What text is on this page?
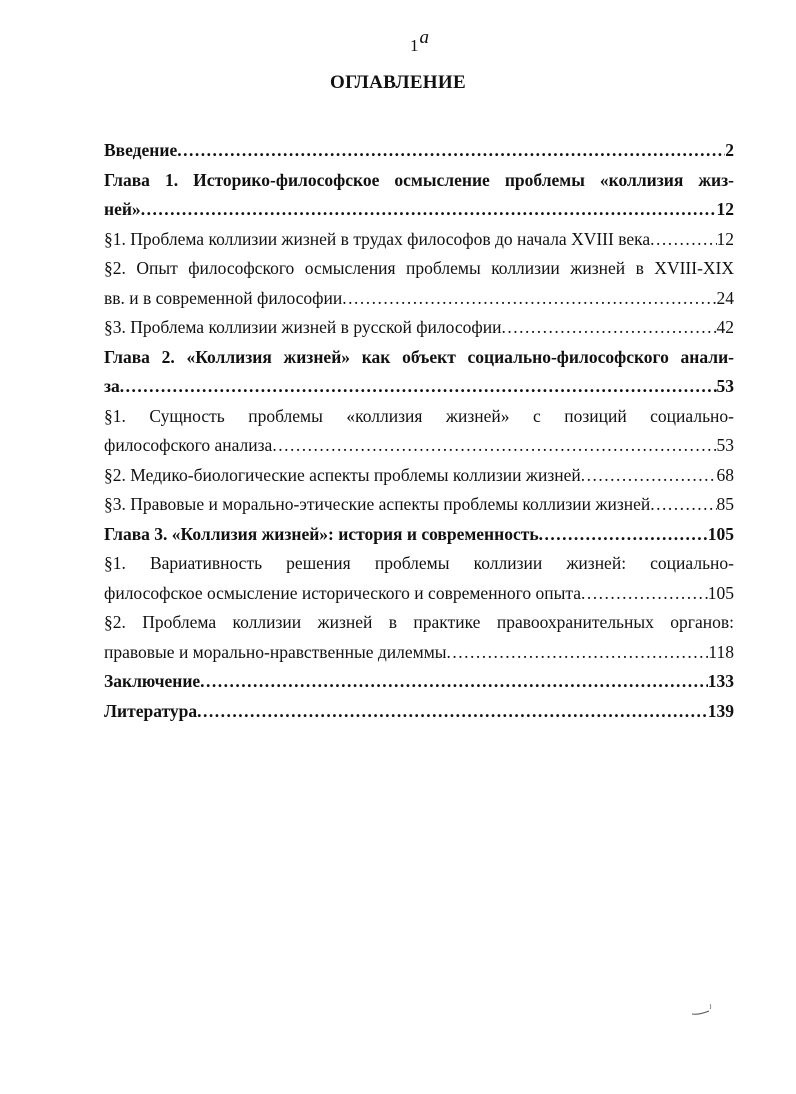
1a
ОГЛАВЛЕНИЕ
Введение .....	2
Глава 1. Историко-философское осмысление проблемы «коллизия жиз-
ней» .....	12
§1. Проблема коллизии жизней в трудах философов до начала XVIII века .....	12
§2. Опыт философского осмысления проблемы коллизии жизней в XVIII-XIX
вв. и в современной философии .....	24
§3. Проблема коллизии жизней в русской философии .....	42
Глава 2. «Коллизия жизней» как объект социально-философского анали-
за .....	53
§1. Сущность проблемы «коллизия жизней» с позиций социально-
философского анализа .....	53
§2. Медико-биологические аспекты проблемы коллизии жизней .....	68
§3. Правовые и морально-этические аспекты проблемы коллизии жизней .....	85
Глава 3. «Коллизия жизней»: история и современность .....	105
§1. Вариативность решения проблемы коллизии жизней: социально-
философское осмысление исторического и современного опыта .....	105
§2. Проблема коллизии жизней в практике правоохранительных органов:
правовые и морально-нравственные дилеммы .....	118
Заключение .....	133
Литература .....	139
